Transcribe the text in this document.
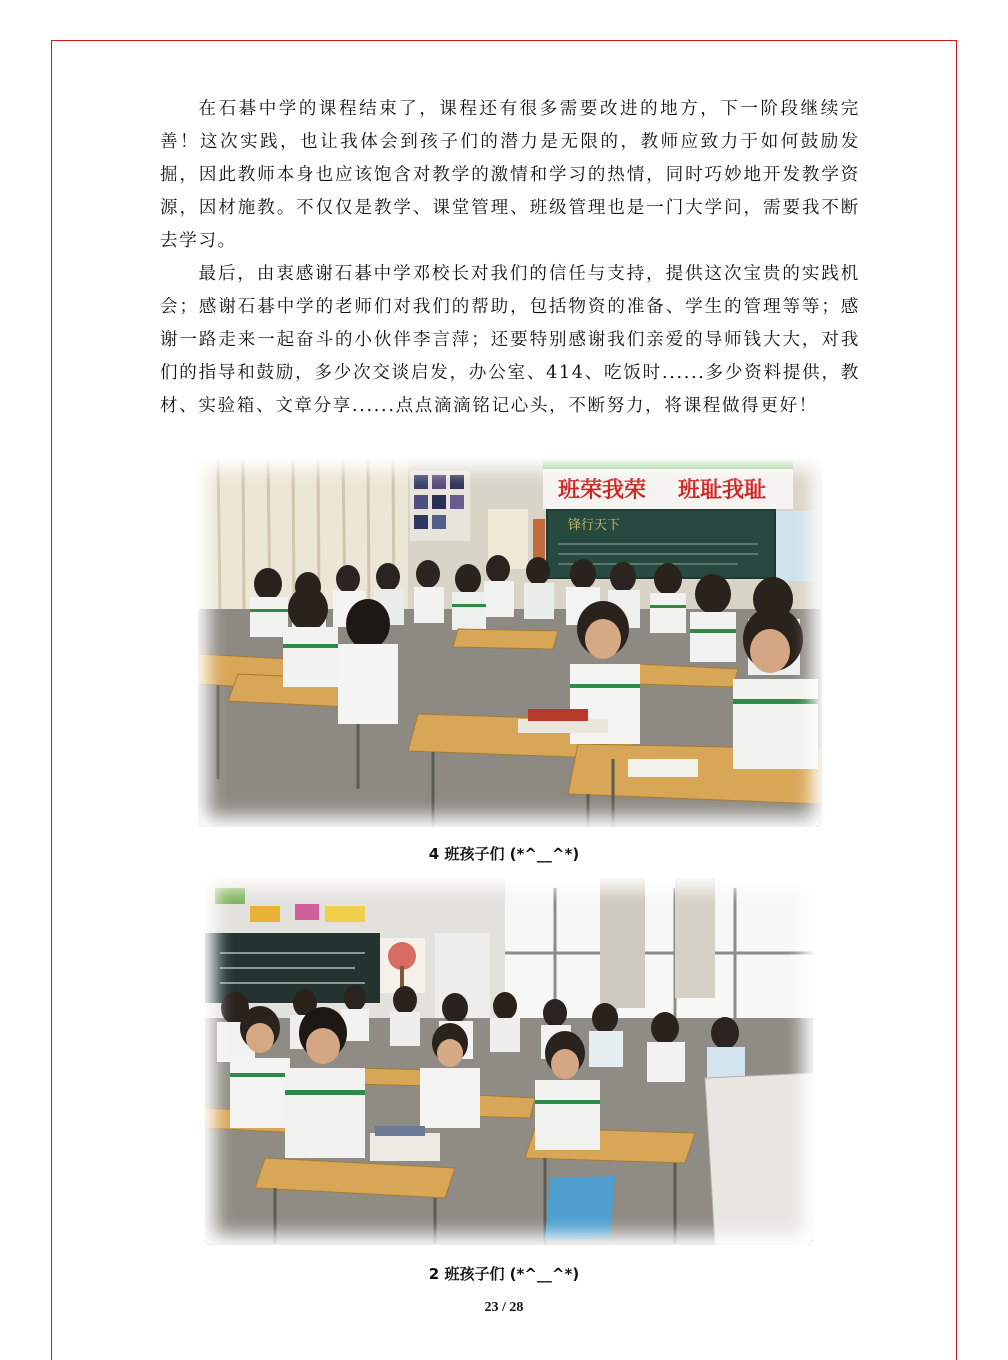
在石碁中学的课程结束了，课程还有很多需要改进的地方，下一阶段继续完善！这次实践，也让我体会到孩子们的潜力是无限的，教师应致力于如何鼓励发掘，因此教师本身也应该饱含对教学的激情和学习的热情，同时巧妙地开发教学资源，因材施教。不仅仅是教学、课堂管理、班级管理也是一门大学问，需要我不断去学习。

最后，由衷感谢石碁中学邓校长对我们的信任与支持，提供这次宝贵的实践机会；感谢石碁中学的老师们对我们的帮助，包括物资的准备、学生的管理等等；感谢一路走来一起奋斗的小伙伴李言萍；还要特别感谢我们亲爱的导师钱大大，对我们的指导和鼓励，多少次交谈启发，办公室、414、吃饭时......多少资料提供，教材、实验箱、文章分享......点点滴滴铭记心头，不断努力，将课程做得更好！

班荣我荣 班耻我耻
锋行天下
4 班孩子们 (*^__^*)
2 班孩子们 (*^__^*)
23 / 28
